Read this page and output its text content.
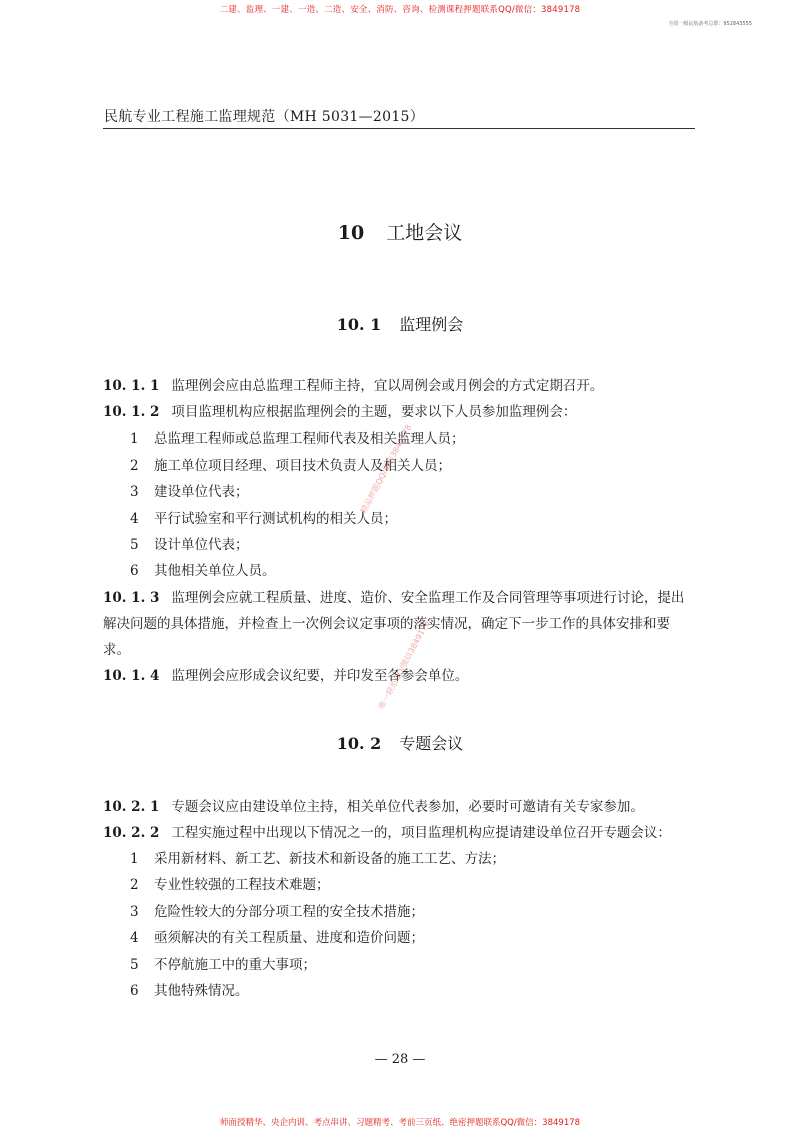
二建、监理、一建、一造、二造、安全、消防、咨询、检测课程押题联系QQ/微信：3849178
全国一级民航备考总群：952843555
民航专业工程施工监理规范（MH 5031—2015）
10 工地会议
10. 1 监理例会
10. 1. 1 监理例会应由总监理工程师主持，宜以周例会或月例会的方式定期召开。
10. 1. 2 项目监理机构应根据监理例会的主题，要求以下人员参加监理例会：
1 总监理工程师或总监理工程师代表及相关监理人员；
2 施工单位项目经理、项目技术负责人及相关人员；
3 建设单位代表；
4 平行试验室和平行测试机构的相关人员；
5 设计单位代表；
6 其他相关单位人员。
10. 1. 3 监理例会应就工程质量、进度、造价、安全监理工作及合同管理等事项进行讨论，提出解决问题的具体措施，并检查上一次例会议定事项的落实情况，确定下一步工作的具体安排和要求。
10. 1. 4 监理例会应形成会议纪要，并印发至各参会单位。
10. 2 专题会议
10. 2. 1 专题会议应由建设单位主持，相关单位代表参加，必要时可邀请有关专家参加。
10. 2. 2 工程实施过程中出现以下情况之一的，项目监理机构应提请建设单位召开专题会议：
1 采用新材料、新工艺、新技术和新设备的施工工艺、方法；
2 专业性较强的工程技术难题；
3 危险性较大的分部分项工程的安全技术措施；
4 亟须解决的有关工程质量、进度和造价问题；
5 不停航施工中的重大事项；
6 其他特殊情况。
精品押题QQ/微信3849178
唯一联系QQ/微信3849178
— 28 —
师面授精华、央企内训、考点串讲、习题精考、考前三页纸、绝密押题联系QQ/微信：3849178
